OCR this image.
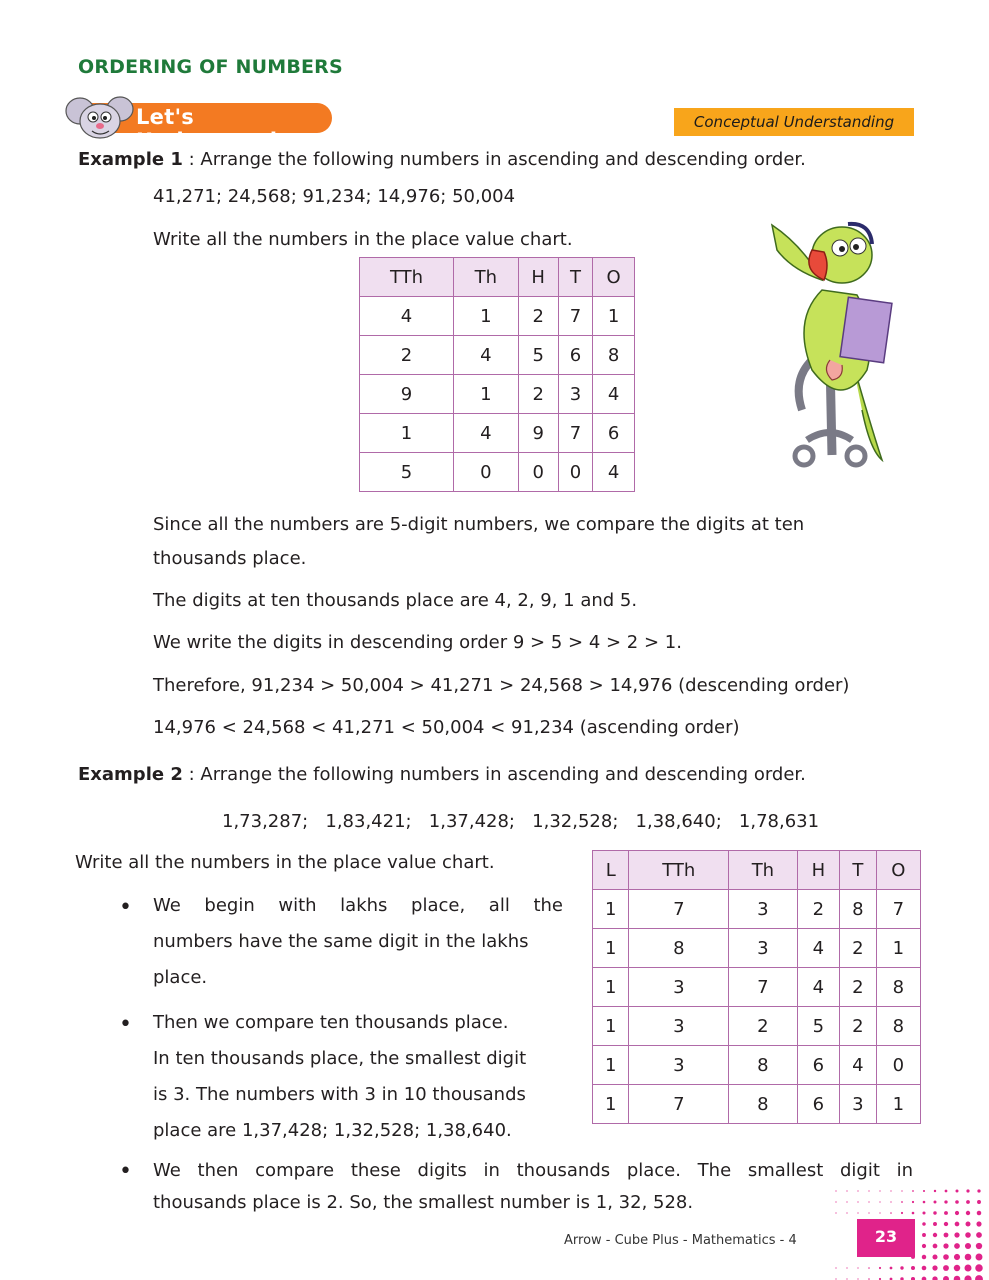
ORDERING OF NUMBERS
Let's Understand
Conceptual Understanding
Example 1 : Arrange the following numbers in ascending and descending order.
41,271; 24,568; 91,234; 14,976; 50,004
Write all the numbers in the place value chart.
TTh	Th	H	T	O
4	1	2	7	1
2	4	5	6	8
9	1	2	3	4
1	4	9	7	6
5	0	0	0	4
Since all the numbers are 5-digit numbers, we compare the digits at ten
thousands place.
The digits at ten thousands place are 4, 2, 9, 1 and 5.
We write the digits in descending order 9 > 5 > 4 > 2 > 1.
Therefore, 91,234 > 50,004 > 41,271 > 24,568 > 14,976 (descending order)
14,976 < 24,568 < 41,271 < 50,004 < 91,234 (ascending order)
Example 2 : Arrange the following numbers in ascending and descending order.
1,73,287;   1,83,421;   1,37,428;   1,32,528;   1,38,640;   1,78,631
Write all the numbers in the place value chart.	L	TTh	Th	H	T	O
1	7	3	2	8	7
1	8	3	4	2	1
1	3	7	4	2	8
1	3	2	5	2	8
1	3	8	6	4	0
1	7	8	6	3	1
• We begin with lakhs place, all the
numbers have the same digit in the lakhs
place.
• Then we compare ten thousands place.
In ten thousands place, the smallest digit
is 3. The numbers with 3 in 10 thousands
place are 1,37,428; 1,32,528; 1,38,640.
• We then compare these digits in thousands place. The smallest digit in
thousands place is 2. So, the smallest number is 1, 32, 528.
Arrow - Cube Plus - Mathematics - 4	23
